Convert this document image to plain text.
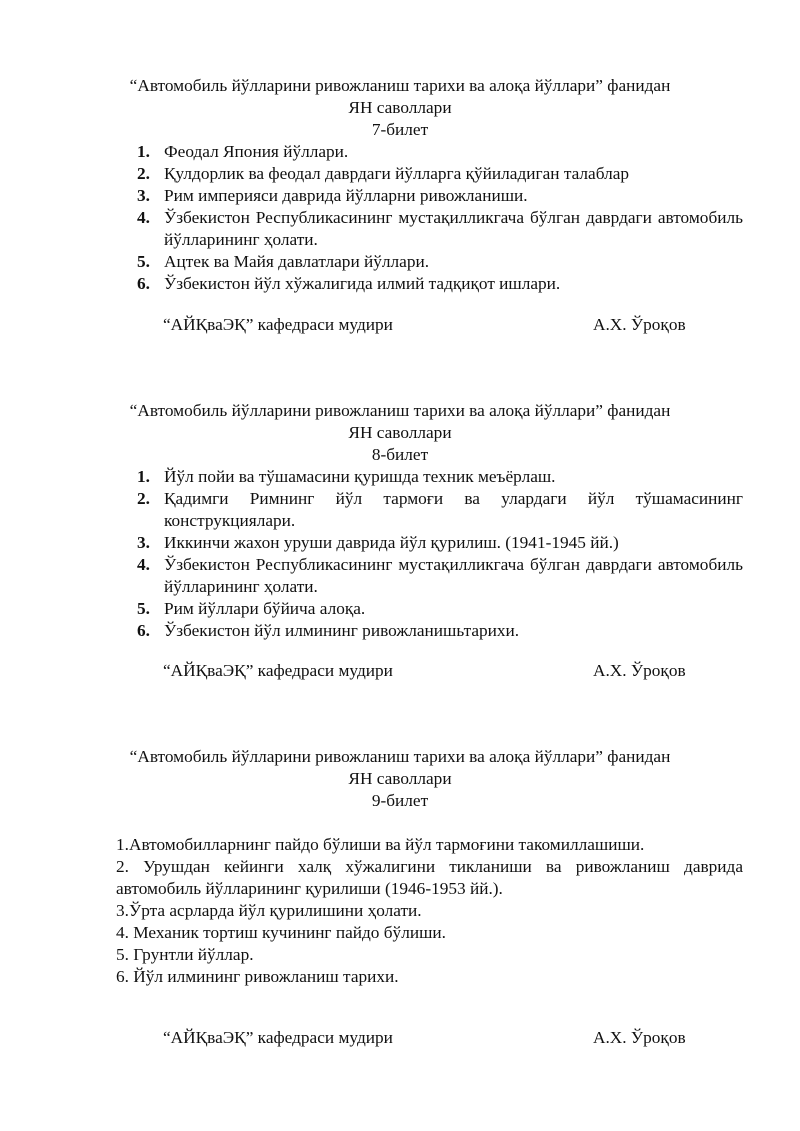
“Автомобиль йўлларини ривожланиш тарихи ва алоқа йўллари” фанидан
ЯН саволлари
7-билет
1. Феодал Япония йўллари.
2. Қулдорлик ва феодал даврдаги йўлларга қўйиладиган талаблар
3. Рим империяси даврида йўлларни ривожланиши.
4. Ўзбекистон Республикасининг мустақилликгача бўлган даврдаги автомобиль йўлларининг ҳолати.
5. Ацтек ва Майя давлатлари йўллари.
6. Ўзбекистон йўл хўжалигида илмий тадқиқот ишлари.
“АЙҚваЭҚ” кафедраси мудири	А.Х. Ўроқов
“Автомобиль йўлларини ривожланиш тарихи ва алоқа йўллари” фанидан
ЯН саволлари
8-билет
1. Йўл пойи ва тўшамасини қуришда техник меъёрлаш.
2. Қадимги Римнинг йўл тармоғи ва улардаги йўл тўшамасининг конструкциялари.
3. Иккинчи жахон уруши даврида йўл қурилиш. (1941-1945 йй.)
4. Ўзбекистон Республикасининг мустақилликгача бўлган даврдаги автомобиль йўлларининг ҳолати.
5. Рим йўллари бўйича алоқа.
6. Ўзбекистон йўл илмининг ривожланишьтарихи.
“АЙҚваЭҚ” кафедраси мудири	А.Х. Ўроқов
“Автомобиль йўлларини ривожланиш тарихи ва алоқа йўллари” фанидан
ЯН саволлари
9-билет

1.Автомобилларнинг пайдо бўлиши ва йўл тармоғини такомиллашиши.

2. Урушдан кейинги халқ хўжалигини тикланиши ва ривожланиш даврида автомобиль йўлларининг қурилиши (1946-1953 йй.).

3.Ўрта асрларда йўл қурилишини ҳолати.

4. Механик тортиш кучининг пайдо бўлиши.

5. Грунтли йўллар.

6. Йўл илмининг ривожланиш тарихи.

“АЙҚваЭҚ” кафедраси мудири	А.Х. Ўроқов
